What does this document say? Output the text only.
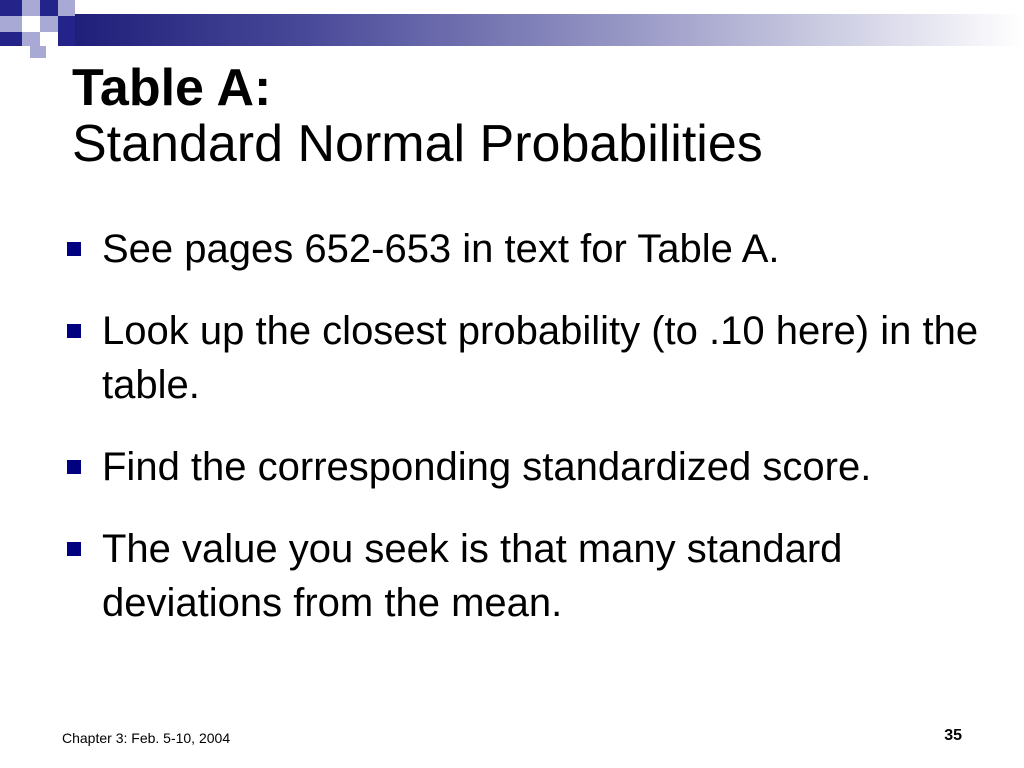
Table A:
Standard Normal Probabilities
See pages 652-653 in text for Table A.
Look up the closest probability (to .10 here) in the table.
Find the corresponding standardized score.
The value you seek is that many standard deviations from the mean.
Chapter 3: Feb. 5-10, 2004	35
